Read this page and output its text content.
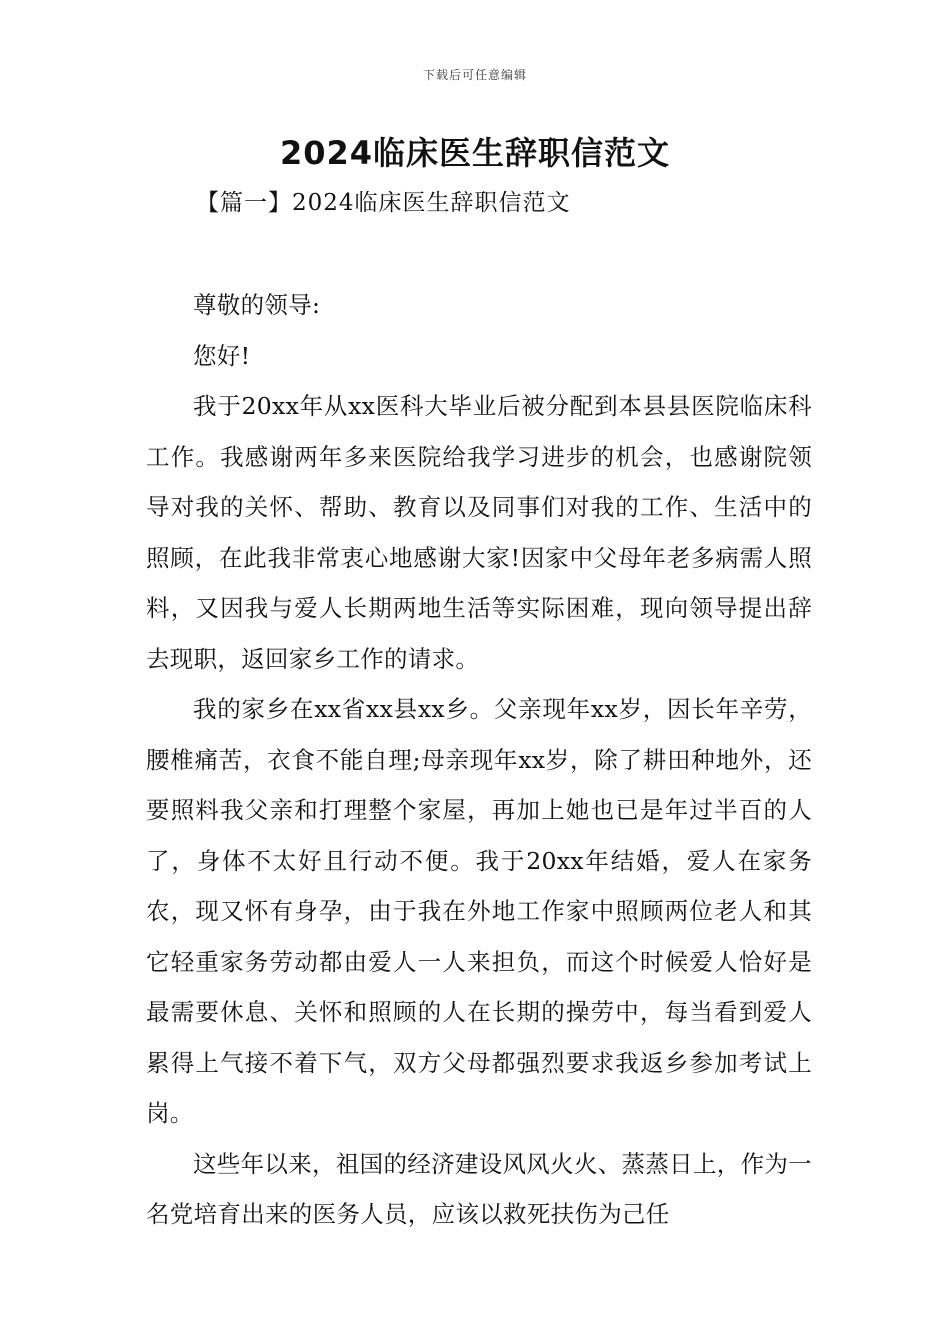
下载后可任意编辑
2024临床医生辞职信范文
【篇一】2024临床医生辞职信范文

尊敬的领导:

您好!

我于20xx年从xx医科大毕业后被分配到本县县医院临床科工作。我感谢两年多来医院给我学习进步的机会，也感谢院领导对我的关怀、帮助、教育以及同事们对我的工作、生活中的照顾，在此我非常衷心地感谢大家!因家中父母年老多病需人照料，又因我与爱人长期两地生活等实际困难，现向领导提出辞去现职，返回家乡工作的请求。

我的家乡在xx省xx县xx乡。父亲现年xx岁，因长年辛劳，腰椎痛苦，衣食不能自理;母亲现年xx岁，除了耕田种地外，还要照料我父亲和打理整个家屋，再加上她也已是年过半百的人了，身体不太好且行动不便。我于20xx年结婚，爱人在家务农，现又怀有身孕，由于我在外地工作家中照顾两位老人和其它轻重家务劳动都由爱人一人来担负，而这个时候爱人恰好是最需要休息、关怀和照顾的人在长期的操劳中，每当看到爱人累得上气接不着下气，双方父母都强烈要求我返乡参加考试上岗。

这些年以来，祖国的经济建设风风火火、蒸蒸日上，作为一名党培育出来的医务人员，应该以救死扶伤为己任
